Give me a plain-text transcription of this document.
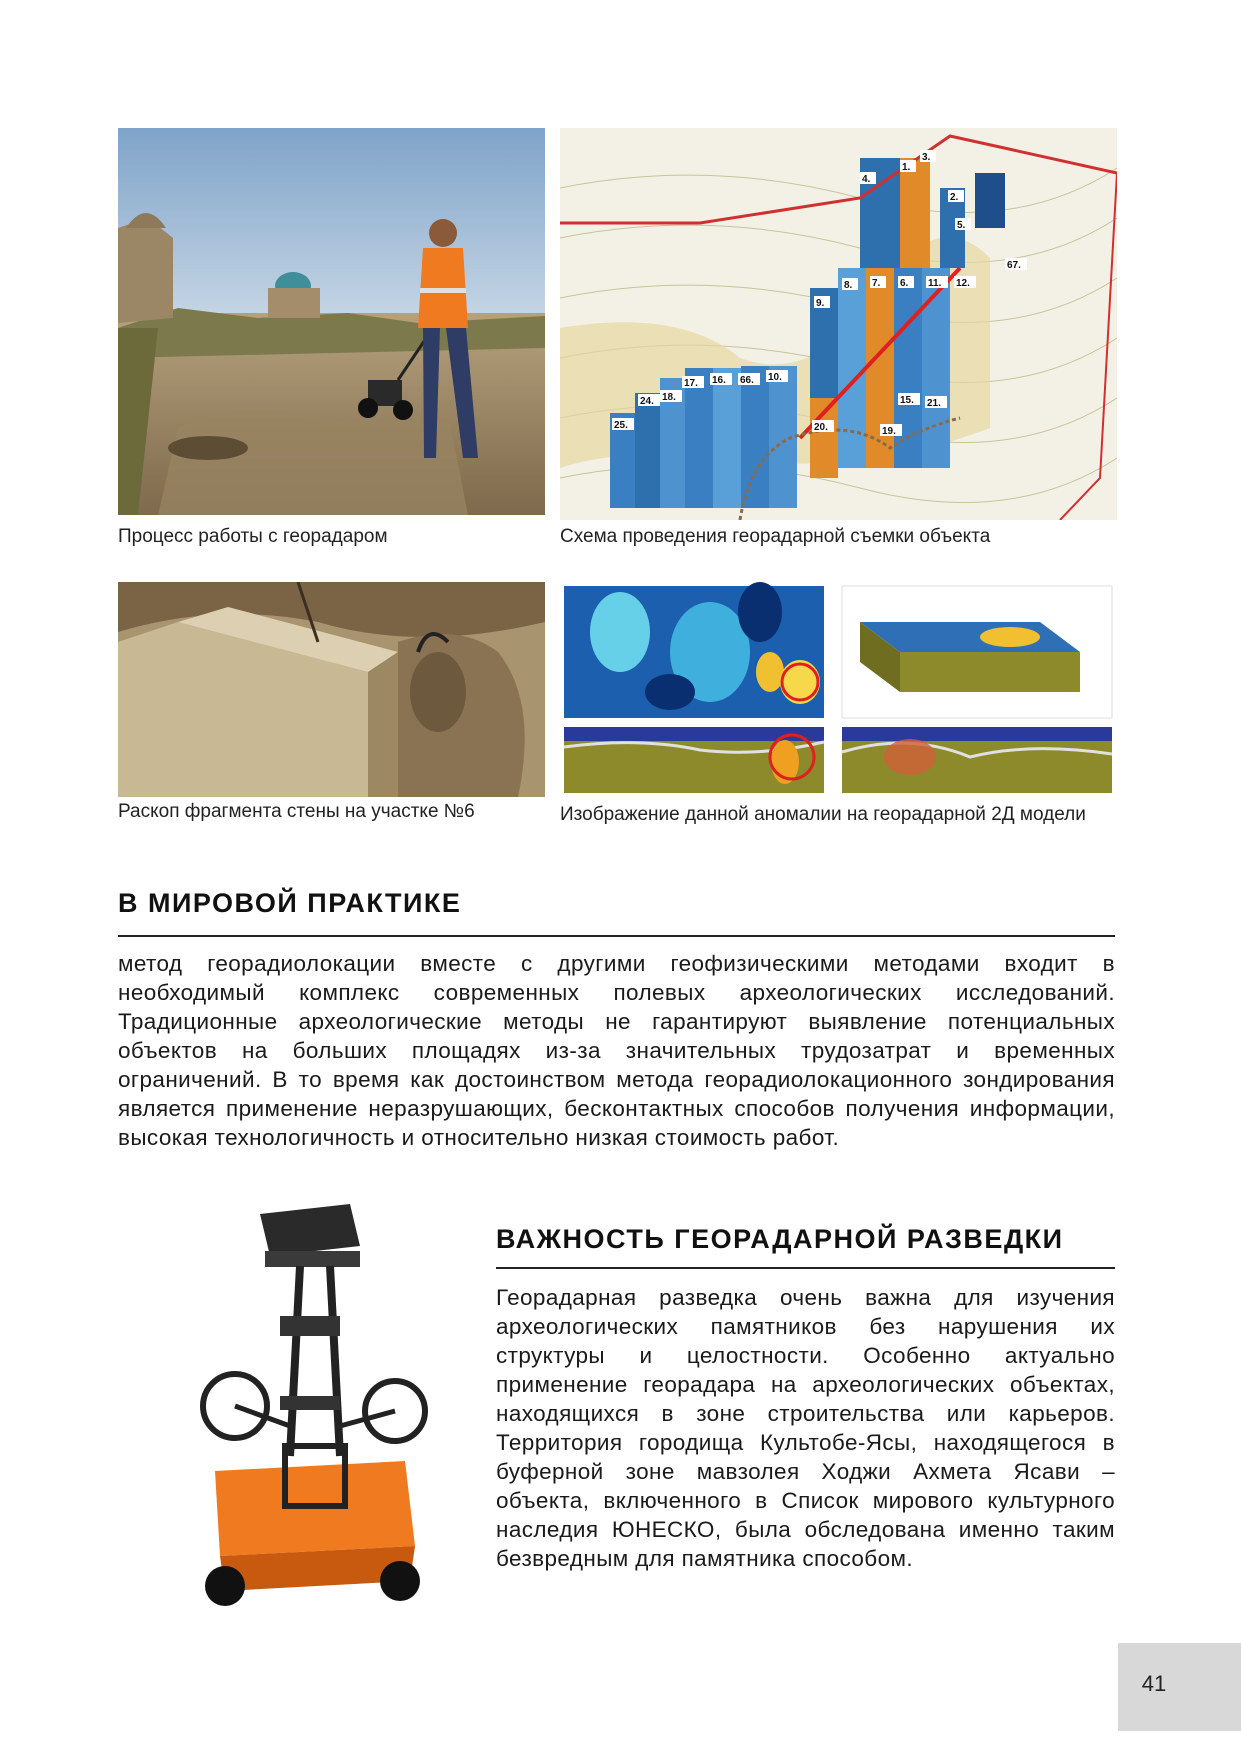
1.
2.
3.
4.
5.
6.
7.
8.
9.
10.
11. 12.
15.
16.
17.
18.
19.
20.
21.
24.
25.
66.
67.
Процесс работы с георадаром	Схема проведения георадарной съемки объекта
Раскоп фрагмента стены на участке №6	Изображение данной аномалии на георадарной 2Д модели
В МИРОВОЙ ПРАКТИКЕ
метод георадиолокации вместе с другими геофизическими методами входит в необходимый комплекс современных полевых археологических исследований. Традиционные археологические методы не гарантируют выявление потенциальных объектов на больших площадях из-за значительных трудозатрат и временных ограничений. В то время как достоинством метода георадиолокационного зондирования является применение неразрушающих, бесконтактных способов получения информации, высокая технологичность и относительно низкая стоимость работ.
ВАЖНОСТЬ ГЕОРАДАРНОЙ РАЗВЕДКИ
Георадарная разведка очень важна для изучения археологических памятников без нарушения их структуры и целостности. Особенно актуально применение георадара на археологических объектах, находящихся в зоне строительства или карьеров. Территория городища Культобе-Ясы, находящегося в буферной зоне мавзолея Ходжи Ахмета Ясави – объекта, включенного в Список мирового культурного наследия ЮНЕСКО, была обследована именно таким безвредным для памятника способом.
41
